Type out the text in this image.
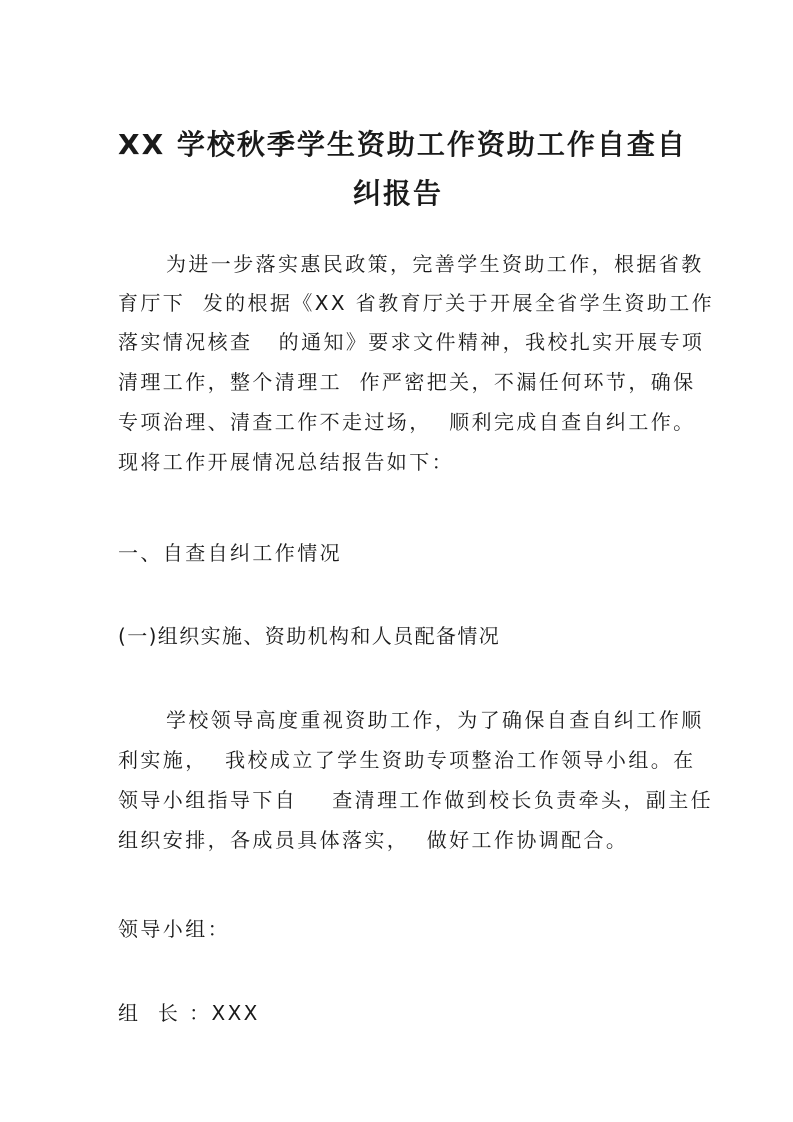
XX 学校秋季学生资助工作资助工作自查自
纠报告
为进一步落实惠民政策，完善学生资助工作，根据省教
育厅下  发的根据《XX 省教育厅关于开展全省学生资助工作
落实情况核查   的通知》要求文件精神，我校扎实开展专项
清理工作，整个清理工  作严密把关，不漏任何环节，确保
专项治理、清查工作不走过场，  顺利完成自查自纠工作。
现将工作开展情况总结报告如下：
一、自查自纠工作情况
(一)组织实施、资助机构和人员配备情况
学校领导高度重视资助工作，为了确保自查自纠工作顺
利实施，  我校成立了学生资助专项整治工作领导小组。在
领导小组指导下自    查清理工作做到校长负责牵头，副主任
组织安排，各成员具体落实，  做好工作协调配合。
领导小组：
组  长 ：XXX
